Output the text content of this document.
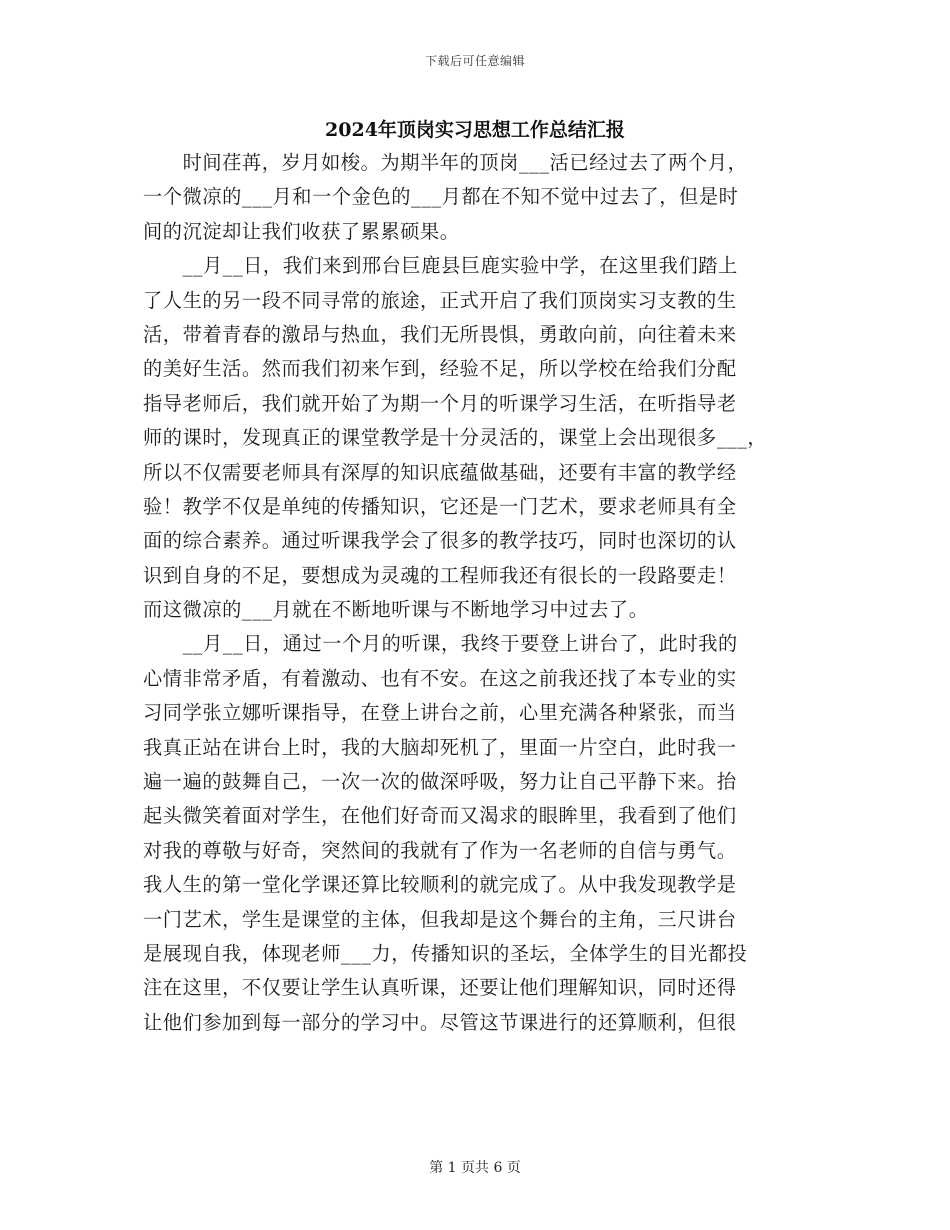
下载后可任意编辑
2024年顶岗实习思想工作总结汇报
　　时间荏苒，岁月如梭。为期半年的顶岗___活已经过去了两个月，
一个微凉的___月和一个金色的___月都在不知不觉中过去了，但是时
间的沉淀却让我们收获了累累硕果。
　　__月__日，我们来到邢台巨鹿县巨鹿实验中学，在这里我们踏上
了人生的另一段不同寻常的旅途，正式开启了我们顶岗实习支教的生
活，带着青春的激昂与热血，我们无所畏惧，勇敢向前，向往着未来
的美好生活。然而我们初来乍到，经验不足，所以学校在给我们分配
指导老师后，我们就开始了为期一个月的听课学习生活，在听指导老
师的课时，发现真正的课堂教学是十分灵活的，课堂上会出现很多___，
所以不仅需要老师具有深厚的知识底蕴做基础，还要有丰富的教学经
验！教学不仅是单纯的传播知识，它还是一门艺术，要求老师具有全
面的综合素养。通过听课我学会了很多的教学技巧，同时也深切的认
识到自身的不足，要想成为灵魂的工程师我还有很长的一段路要走！
而这微凉的___月就在不断地听课与不断地学习中过去了。
　　__月__日，通过一个月的听课，我终于要登上讲台了，此时我的
心情非常矛盾，有着激动、也有不安。在这之前我还找了本专业的实
习同学张立娜听课指导，在登上讲台之前，心里充满各种紧张，而当
我真正站在讲台上时，我的大脑却死机了，里面一片空白，此时我一
遍一遍的鼓舞自己，一次一次的做深呼吸，努力让自己平静下来。抬
起头微笑着面对学生，在他们好奇而又渴求的眼眸里，我看到了他们
对我的尊敬与好奇，突然间的我就有了作为一名老师的自信与勇气。
我人生的第一堂化学课还算比较顺利的就完成了。从中我发现教学是
一门艺术，学生是课堂的主体，但我却是这个舞台的主角，三尺讲台
是展现自我，体现老师___力，传播知识的圣坛，全体学生的目光都投
注在这里，不仅要让学生认真听课，还要让他们理解知识，同时还得
让他们参加到每一部分的学习中。尽管这节课进行的还算顺利，但很
第 1 页共 6 页
